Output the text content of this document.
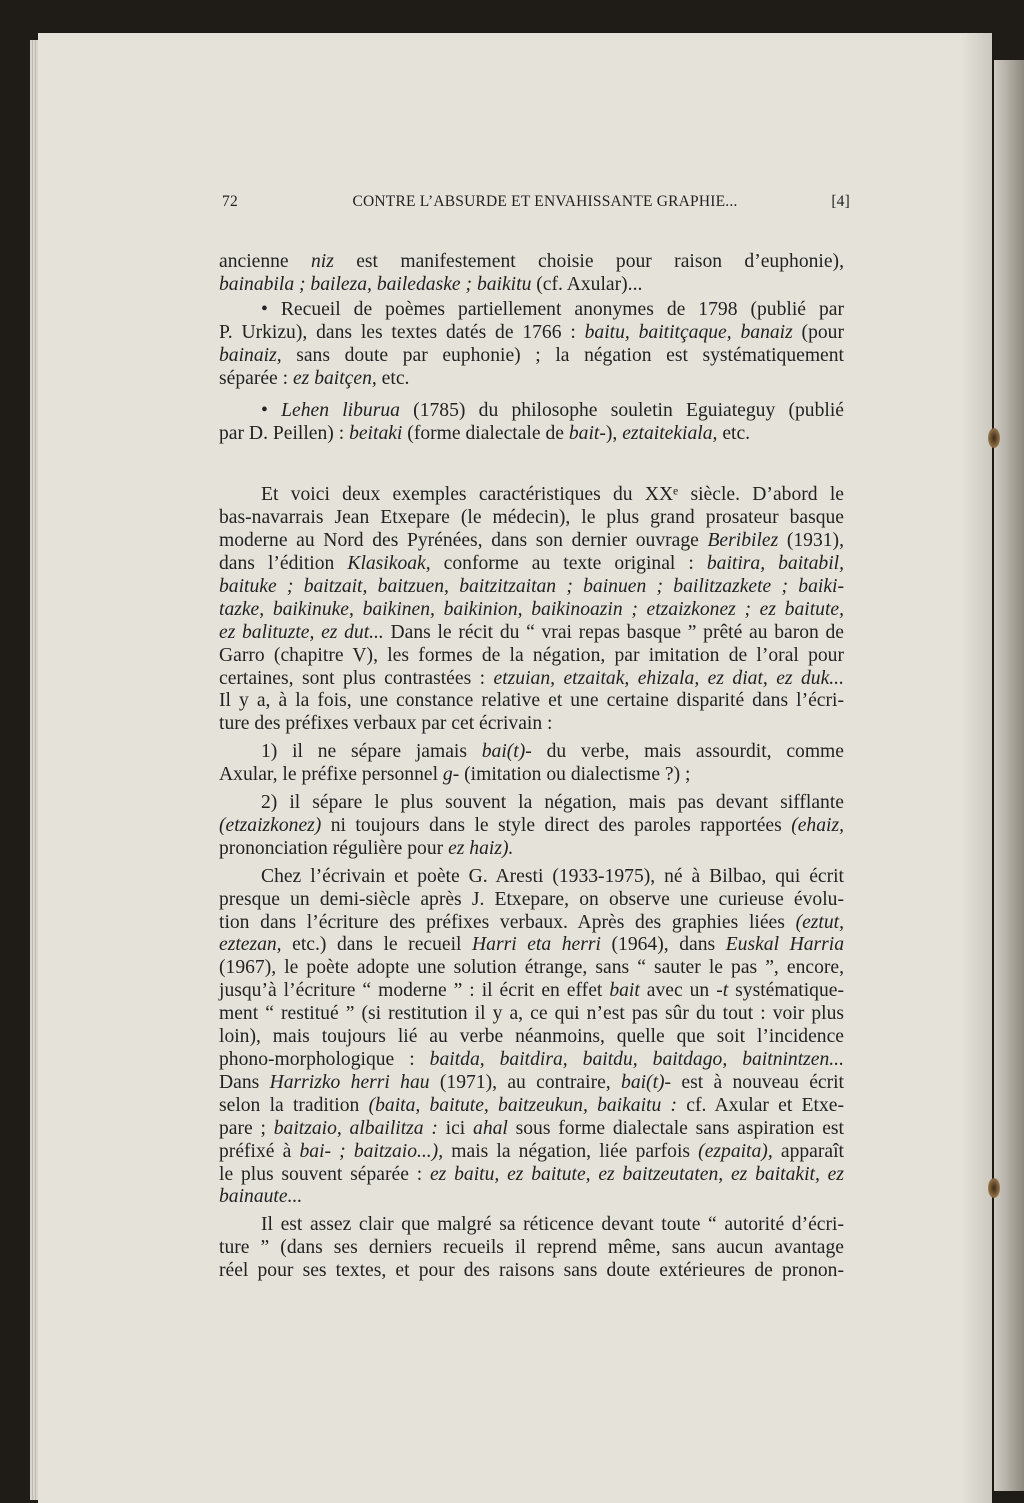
72	CONTRE L’ABSURDE ET ENVAHISSANTE GRAPHIE...	[4]

ancienne niz est manifestement choisie pour raison d’euphonie),
bainabila ; baileza, bailedaske ; baikitu (cf. Axular)...

• Recueil de poèmes partiellement anonymes de 1798 (publié par
P. Urkizu), dans les textes datés de 1766 : baitu, baititçaque, banaiz (pour
bainaiz, sans doute par euphonie) ; la négation est systématiquement
séparée : ez baitçen, etc.

• Lehen liburua (1785) du philosophe souletin Eguiateguy (publié
par D. Peillen) : beitaki (forme dialectale de bait-), eztaitekiala, etc.

Et voici deux exemples caractéristiques du XXᵉ siècle. D’abord le
bas-navarrais Jean Etxepare (le médecin), le plus grand prosateur basque
moderne au Nord des Pyrénées, dans son dernier ouvrage Beribilez (1931),
dans l’édition Klasikoak, conforme au texte original : baitira, baitabil,
baituke ; baitzait, baitzuen, baitzitzaitan ; bainuen ; bailitzazkete ; baiki-
tazke, baikinuke, baikinen, baikinion, baikinoazin ; etzaizkonez ; ez baitute,
ez balituzte, ez dut... Dans le récit du “ vrai repas basque ” prêté au baron de
Garro (chapitre V), les formes de la négation, par imitation de l’oral pour
certaines, sont plus contrastées : etzuian, etzaitak, ehizala, ez diat, ez duk...
Il y a, à la fois, une constance relative et une certaine disparité dans l’écri-
ture des préfixes verbaux par cet écrivain :

1) il ne sépare jamais bai(t)- du verbe, mais assourdit, comme
Axular, le préfixe personnel g- (imitation ou dialectisme ?) ;

2) il sépare le plus souvent la négation, mais pas devant sifflante
(etzaizkonez) ni toujours dans le style direct des paroles rapportées (ehaiz,
prononciation régulière pour ez haiz).

Chez l’écrivain et poète G. Aresti (1933-1975), né à Bilbao, qui écrit
presque un demi-siècle après J. Etxepare, on observe une curieuse évolu-
tion dans l’écriture des préfixes verbaux. Après des graphies liées (eztut,
eztezan, etc.) dans le recueil Harri eta herri (1964), dans Euskal Harria
(1967), le poète adopte une solution étrange, sans “ sauter le pas ”, encore,
jusqu’à l’écriture “ moderne ” : il écrit en effet bait avec un -t systématique-
ment “ restitué ” (si restitution il y a, ce qui n’est pas sûr du tout : voir plus
loin), mais toujours lié au verbe néanmoins, quelle que soit l’incidence
phono-morphologique : baitda, baitdira, baitdu, baitdago, baitnintzen...
Dans Harrizko herri hau (1971), au contraire, bai(t)- est à nouveau écrit
selon la tradition (baita, baitute, baitzeukun, baikaitu : cf. Axular et Etxe-
pare ; baitzaio, albailitza : ici ahal sous forme dialectale sans aspiration est
préfixé à bai- ; baitzaio...), mais la négation, liée parfois (ezpaita), apparaît
le plus souvent séparée : ez baitu, ez baitute, ez baitzeutaten, ez baitakit, ez
bainaute...

Il est assez clair que malgré sa réticence devant toute “ autorité d’écri-
ture ” (dans ses derniers recueils il reprend même, sans aucun avantage
réel pour ses textes, et pour des raisons sans doute extérieures de pronon-
